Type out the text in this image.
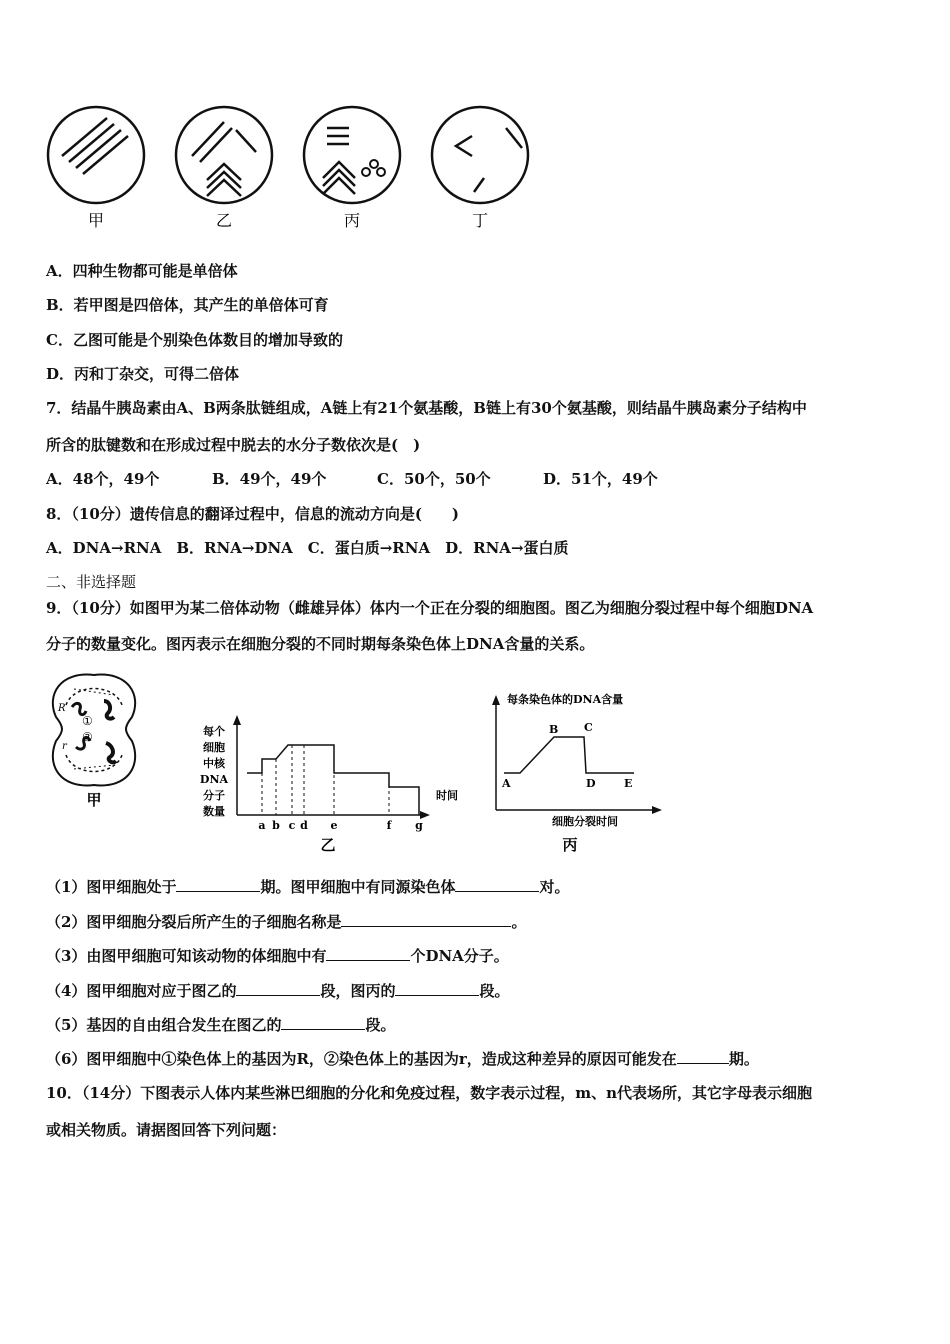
甲	乙	丙	丁
A．四种生物都可能是单倍体
B．若甲图是四倍体，其产生的单倍体可育
C．乙图可能是个别染色体数目的增加导致的
D．丙和丁杂交，可得二倍体
7．结晶牛胰岛素由A、B两条肽链组成，A链上有21个氨基酸，B链上有30个氨基酸，则结晶牛胰岛素分子结构中
所含的肽键数和在形成过程中脱去的水分子数依次是(　)
A．48个，49个	B．49个，49个	C．50个，50个	D．51个，49个
8．（10分）遗传信息的翻译过程中，信息的流动方向是(　　)
A．DNA→RNA　B．RNA→DNA　C．蛋白质→RNA　D．RNA→蛋白质
二、非选择题
9．（10分）如图甲为某二倍体动物（雌雄异体）体内一个正在分裂的细胞图。图乙为细胞分裂过程中每个细胞DNA
分子的数量变化。图丙表示在细胞分裂的不同时期每条染色体上DNA含量的关系。
R
①
②
r
甲
每个细胞中核 DNA 分子数量
时间
a b c d e	f g
乙
每条染色体的DNA含量
细胞分裂时间
A
B C
D	E
丙
（1）图甲细胞处于	期。图甲细胞中有同源染色体	对。
（2）图甲细胞分裂后所产生的子细胞名称是	。
（3）由图甲细胞可知该动物的体细胞中有	个DNA分子。
（4）图甲细胞对应于图乙的	段，图丙的	段。
（5）基因的自由组合发生在图乙的	段。
（6）图甲细胞中①染色体上的基因为R，②染色体上的基因为r，造成这种差异的原因可能发在	期。
10．（14分）下图表示人体内某些淋巴细胞的分化和免疫过程，数字表示过程，m、n代表场所，其它字母表示细胞
或相关物质。请据图回答下列问题：
